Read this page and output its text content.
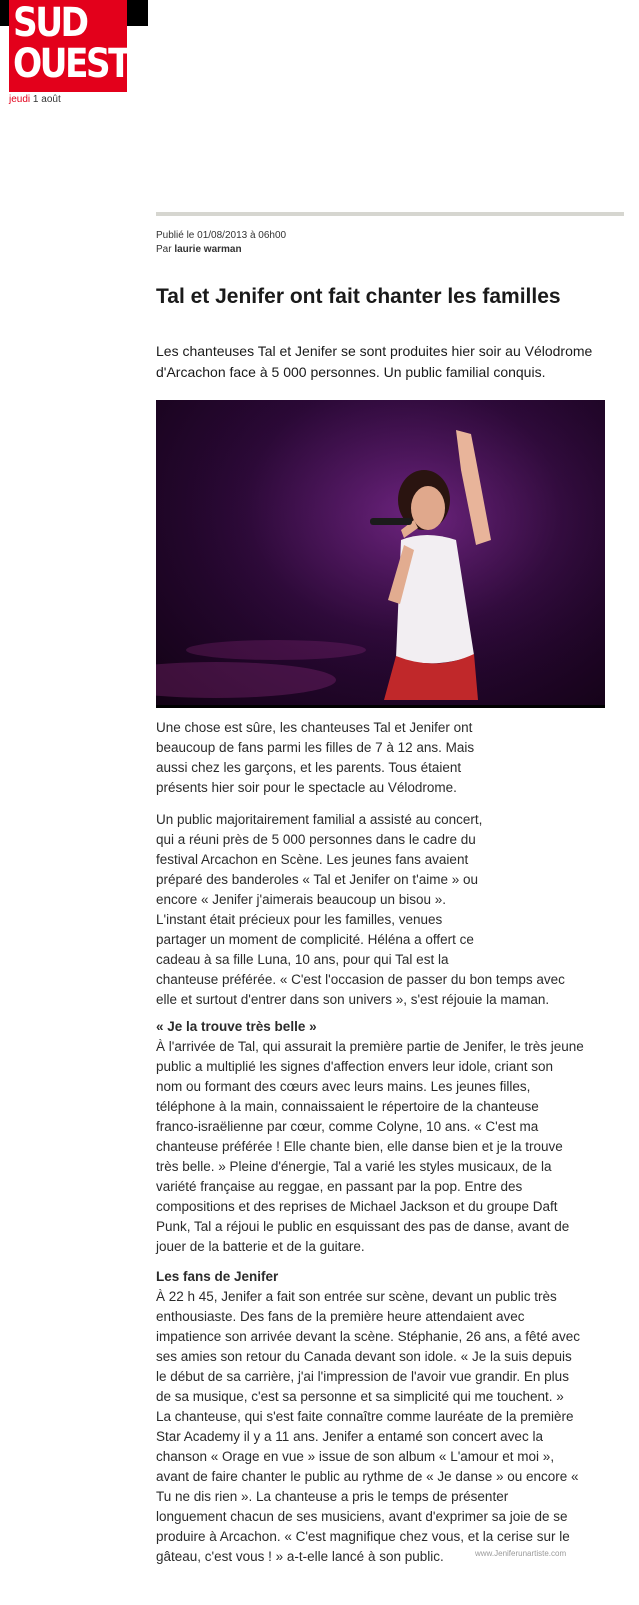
SUD
OUEST
jeudi 1 août
Publié le 01/08/2013 à 06h00
Par laurie warman
Tal et Jenifer ont fait chanter les familles

Les chanteuses Tal et Jenifer se sont produites hier soir au Vélodrome d'Arcachon face à 5 000 personnes. Un public familial conquis.

Une chose est sûre, les chanteuses Tal et Jenifer ont
beaucoup de fans parmi les filles de 7 à 12 ans. Mais
aussi chez les garçons, et les parents. Tous étaient
présents hier soir pour le spectacle au Vélodrome.
Un public majoritairement familial a assisté au concert,
qui a réuni près de 5 000 personnes dans le cadre du
festival Arcachon en Scène. Les jeunes fans avaient
préparé des banderoles « Tal et Jenifer on t'aime » ou
encore « Jenifer j'aimerais beaucoup un bisou ».
L'instant était précieux pour les familles, venues
partager un moment de complicité. Héléna a offert ce
cadeau à sa fille Luna, 10 ans, pour qui Tal est la
chanteuse préférée. « C'est l'occasion de passer du bon temps avec
elle et surtout d'entrer dans son univers », s'est réjouie la maman.
« Je la trouve très belle »
À l'arrivée de Tal, qui assurait la première partie de Jenifer, le très jeune
public a multiplié les signes d'affection envers leur idole, criant son
nom ou formant des cœurs avec leurs mains. Les jeunes filles,
téléphone à la main, connaissaient le répertoire de la chanteuse
franco-israëlienne par cœur, comme Colyne, 10 ans. « C'est ma
chanteuse préférée ! Elle chante bien, elle danse bien et je la trouve
très belle. » Pleine d'énergie, Tal a varié les styles musicaux, de la
variété française au reggae, en passant par la pop. Entre des
compositions et des reprises de Michael Jackson et du groupe Daft
Punk, Tal a réjoui le public en esquissant des pas de danse, avant de
jouer de la batterie et de la guitare.
Les fans de Jenifer
À 22 h 45, Jenifer a fait son entrée sur scène, devant un public très
enthousiaste. Des fans de la première heure attendaient avec
impatience son arrivée devant la scène. Stéphanie, 26 ans, a fêté avec
ses amies son retour du Canada devant son idole. « Je la suis depuis
le début de sa carrière, j'ai l'impression de l'avoir vue grandir. En plus
de sa musique, c'est sa personne et sa simplicité qui me touchent. »
La chanteuse, qui s'est faite connaître comme lauréate de la première
Star Academy il y a 11 ans. Jenifer a entamé son concert avec la
chanson « Orage en vue » issue de son album « L'amour et moi »,
avant de faire chanter le public au rythme de « Je danse » ou encore «
Tu ne dis rien ». La chanteuse a pris le temps de présenter
longuement chacun de ses musiciens, avant d'exprimer sa joie de se
produire à Arcachon. « C'est magnifique chez vous, et la cerise sur le
gâteau, c'est vous ! » a-t-elle lancé à son public.	www.Jeniferunartiste.com
